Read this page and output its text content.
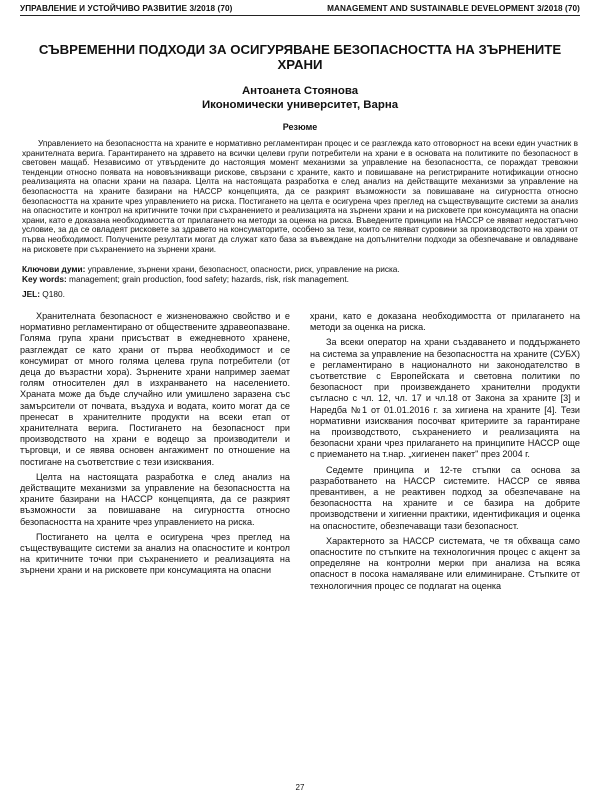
УПРАВЛЕНИЕ И УСТОЙЧИВО РАЗВИТИЕ 3/2018 (70)	MANAGEMENT AND SUSTAINABLE DEVELOPMENT 3/2018 (70)
СЪВРЕМЕННИ ПОДХОДИ ЗА ОСИГУРЯВАНЕ БЕЗОПАСНОСТТА НА ЗЪРНЕНИТЕ ХРАНИ
Антоанета Стоянова
Икономически университет, Варна
Резюме

Управлението на безопасността на храните е нормативно регламентиран процес и се разглежда като отговорност на всеки един участник в хранителната верига. Гарантирането на здравето на всички целеви групи потребители на храни е в основата на политиките по безопасност в световен мащаб. Независимо от утвърдените до настоящия момент механизми за управление на безопасността, се пораждат тревожни тенденции относно появата на нововъзникващи рискове, свързани с храните, както и повишаване на регистрираните нотификации относно реализацията на опасни храни на пазара. Целта на настоящата разработка е след анализ на действащите механизми за управление на безопасността на храните базирани на НАССР концепцията, да се разкрият възможности за повишаване на сигурността относно безопасността на храните чрез управлението на риска. Постигането на целта е осигурена чрез преглед на съществуващите системи за анализ на опасностите и контрол на критичните точки при съхранението и реализацията на зърнени храни и на рисковете при консумацията на опасни храни, като е доказана необходимостта от прилагането на методи за оценка на риска. Въведените принципи на НАССР се явяват недостатъчно условие, за да се овладеят рисковете за здравето на консуматорите, особено за тези, които се явяват суровини за производството на храни от първа необходимост. Получените резултати могат да служат като база за въвеждане на допълнителни подходи за обезпечаване и овладяване на рисковете при съхранението на зърнени храни.

Ключови думи: управление, зърнени храни, безопасност, опасности, риск, управление на риска.
Key words: management; grain production, food safety; hazards, risk, risk management.
JEL: Q180.

Хранителната безопасност е жизненоважно свойство и е нормативно регламентирано от обществените здравеопазване. Голяма група храни присъстват в ежедневното хранене, разглеждат се като храни от първа необходимост и се консумират от много голяма целева група потребители (от деца до възрастни хора). Зърнените храни например заемат голям относителен дял в изхранването на населението. Храната може да бъде случайно или умишлено заразена със замърсители от почвата, въздуха и водата, които могат да се пренесат в хранителните продукти на всеки етап от хранителната верига. Постигането на безопасност при производството на храни е водещо за производители и търговци, и се явява основен ангажимент по отношение на постигане на съответствие с тези изисквания.

Целта на настоящата разработка е след анализ на действащите механизми за управление на безопасността на храните базирани на НАССР концепцията, да се разкрият възможности за повишаване на сигурността относно безопасността на храните чрез управлението на риска.

Постигането на целта е осигурена чрез преглед на съществуващите системи за анализ на опасностите и контрол на критичните точки при съхранението и реализацията на зърнени храни и на рисковете при консумацията на опасни

храни, като е доказана необходимостта от прилагането на методи за оценка на риска.

За всеки оператор на храни създаването и поддържането на система за управление на безопасността на храните (СУБХ) е регламентирано в националното ни законодателство в съответствие с Европейската и световна политики по безопасност при произвеждането хранителни продукти съгласно с чл. 12, чл. 17 и чл.18 от Закона за храните [3] и Наредба №1 от 01.01.2016 г. за хигиена на храните [4]. Тези нормативни изисквания посочват критериите за гарантиране на производството, съхранението и реализацията на безопасни храни чрез прилагането на принципите НАССР още с приемането на т.нар. „хигиенен пакет" през 2004 г.

Седемте принципа и 12-те стъпки са основа за разработването на НАССР системите. НАССР се явява превантивен, а не реактивен подход за обезпечаване на безопасността на храните и се базира на добрите производствени и хигиенни практики, идентификация и оценка на опасностите, обезпечаващи тази безопасност.

Характерното за НАССР системата, че тя обхваща само опасностите по стъпките на технологичния процес с акцент за определяне на контролни мерки при анализа на всяка опасност в посока намаляване или елиминиране. Стъпките от технологичния процес се подлагат на оценка

27
